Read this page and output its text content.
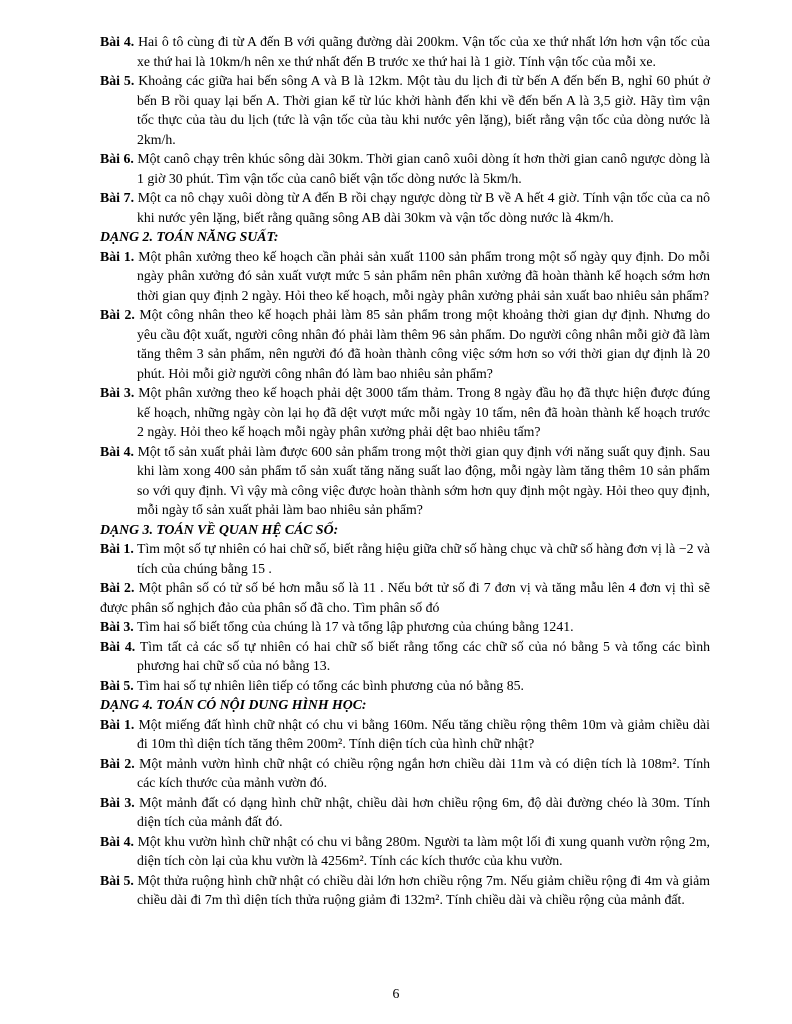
Bài 4. Hai ô tô cùng đi từ A đến B với quãng đường dài 200km. Vận tốc của xe thứ nhất lớn hơn vận tốc của xe thứ hai là 10km/h nên xe thứ nhất đến B trước xe thứ hai là 1 giờ. Tính vận tốc của mỗi xe.
Bài 5. Khoảng các giữa hai bến sông A và B là 12km. Một tàu du lịch đi từ bến A đến bến B, nghỉ 60 phút ở bến B rồi quay lại bến A. Thời gian kể từ lúc khởi hành đến khi về đến bến A là 3,5 giờ. Hãy tìm vận tốc thực của tàu du lịch (tức là vận tốc của tàu khi nước yên lặng), biết rằng vận tốc của dòng nước là 2km/h.
Bài 6. Một canô chạy trên khúc sông dài 30km. Thời gian canô xuôi dòng ít hơn thời gian canô ngược dòng là 1 giờ 30 phút. Tìm vận tốc của canô biết vận tốc dòng nước là 5km/h.
Bài 7. Một ca nô chạy xuôi dòng từ A đến B rồi chạy ngược dòng từ B về A hết 4 giờ. Tính vận tốc của ca nô khi nước yên lặng, biết rằng quãng sông AB dài 30km và vận tốc dòng nước là 4km/h.
DẠNG 2. TOÁN NĂNG SUẤT:
Bài 1. Một phân xưởng theo kế hoạch cần phải sản xuất 1100 sản phẩm trong một số ngày quy định. Do mỗi ngày phân xưởng đó sản xuất vượt mức 5 sản phẩm nên phân xưởng đã hoàn thành kế hoạch sớm hơn thời gian quy định 2 ngày. Hỏi theo kế hoạch, mỗi ngày phân xưởng phải sản xuất bao nhiêu sản phẩm?
Bài 2. Một công nhân theo kế hoạch phải làm 85 sản phẩm trong một khoảng thời gian dự định. Nhưng do yêu cầu đột xuất, người công nhân đó phải làm thêm 96 sản phẩm. Do người công nhân mỗi giờ đã làm tăng thêm 3 sản phẩm, nên người đó đã hoàn thành công việc sớm hơn so với thời gian dự định là 20 phút. Hỏi mỗi giờ người công nhân đó làm bao nhiêu sản phẩm?
Bài 3. Một phân xưởng theo kế hoạch phải dệt 3000 tấm thảm. Trong 8 ngày đầu họ đã thực hiện được đúng kế hoạch, những ngày còn lại họ đã dệt vượt mức mỗi ngày 10 tấm, nên đã hoàn thành kế hoạch trước 2 ngày. Hỏi theo kế hoạch mỗi ngày phân xưởng phải dệt bao nhiêu tấm?
Bài 4. Một tổ sản xuất phải làm được 600 sản phẩm trong một thời gian quy định với năng suất quy định. Sau khi làm xong 400 sản phẩm tổ sản xuất tăng năng suất lao động, mỗi ngày làm tăng thêm 10 sản phẩm so với quy định. Vì vậy mà công việc được hoàn thành sớm hơn quy định một ngày. Hỏi theo quy định, mỗi ngày tổ sản xuất phải làm bao nhiêu sản phẩm?
DẠNG 3. TOÁN VỀ QUAN HỆ CÁC SỐ:
Bài 1. Tìm một số tự nhiên có hai chữ số, biết rằng hiệu giữa chữ số hàng chục và chữ số hàng đơn vị là −2 và tích của chúng bằng 15 .
Bài 2. Một phân số có tử số bé hơn mẫu số là 11 . Nếu bớt tử số đi 7 đơn vị và tăng mẫu lên 4 đơn vị thì sẽ được phân số nghịch đảo của phân số đã cho. Tìm phân số đó
Bài 3. Tìm hai số biết tổng của chúng là 17 và tổng lập phương của chúng bằng 1241.
Bài 4. Tìm tất cả các số tự nhiên có hai chữ số biết rằng tổng các chữ số của nó bằng 5 và tổng các bình phương hai chữ số của nó bằng 13.
Bài 5. Tìm hai số tự nhiên liên tiếp có tổng các bình phương của nó bằng 85.
DẠNG 4. TOÁN CÓ NỘI DUNG HÌNH HỌC:
Bài 1. Một miếng đất hình chữ nhật có chu vi bằng 160m. Nếu tăng chiều rộng thêm 10m và giảm chiều dài đi 10m thì diện tích tăng thêm 200m². Tính diện tích của hình chữ nhật?
Bài 2. Một mảnh vườn hình chữ nhật có chiều rộng ngắn hơn chiều dài 11m và có diện tích là 108m². Tính các kích thước của mảnh vườn đó.
Bài 3. Một mảnh đất có dạng hình chữ nhật, chiều dài hơn chiều rộng 6m, độ dài đường chéo là 30m. Tính diện tích của mảnh đất đó.
Bài 4. Một khu vườn hình chữ nhật có chu vi bằng 280m. Người ta làm một lối đi xung quanh vườn rộng 2m, diện tích còn lại của khu vườn là 4256m². Tính các kích thước của khu vườn.
Bài 5. Một thửa ruộng hình chữ nhật có chiều dài lớn hơn chiều rộng 7m. Nếu giảm chiều rộng đi 4m và giảm chiều dài đi 7m thì diện tích thửa ruộng giảm đi 132m². Tính chiều dài và chiều rộng của mảnh đất.
6
